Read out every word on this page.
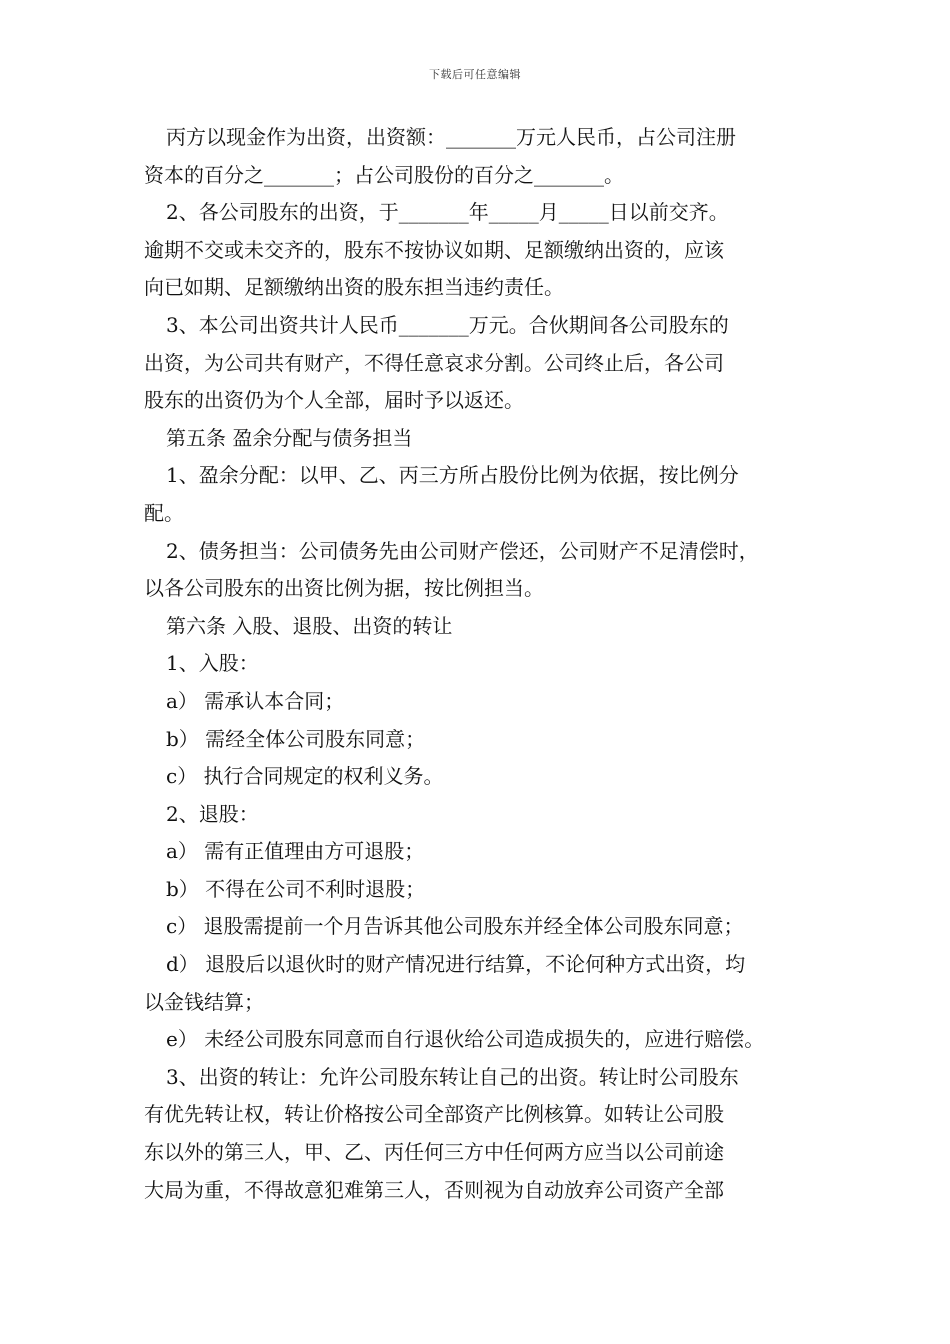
下载后可任意编辑
丙方以现金作为出资，出资额：_______万元人民币，占公司注册
资本的百分之_______；占公司股份的百分之_______。
2、各公司股东的出资，于_______年_____月_____日以前交齐。
逾期不交或未交齐的，股东不按协议如期、足额缴纳出资的，应该
向已如期、足额缴纳出资的股东担当违约责任。
3、本公司出资共计人民币_______万元。合伙期间各公司股东的
出资，为公司共有财产，不得任意哀求分割。公司终止后，各公司
股东的出资仍为个人全部，届时予以返还。
第五条 盈余分配与债务担当
1、盈余分配：以甲、乙、丙三方所占股份比例为依据，按比例分
配。
2、债务担当：公司债务先由公司财产偿还，公司财产不足清偿时，
以各公司股东的出资比例为据，按比例担当。
第六条 入股、退股、出资的转让
1、入股：
a） 需承认本合同；
b） 需经全体公司股东同意；
c） 执行合同规定的权利义务。
2、退股：
a） 需有正值理由方可退股；
b） 不得在公司不利时退股；
c） 退股需提前一个月告诉其他公司股东并经全体公司股东同意；
d） 退股后以退伙时的财产情况进行结算，不论何种方式出资，均
以金钱结算；
e） 未经公司股东同意而自行退伙给公司造成损失的，应进行赔偿。
3、出资的转让：允许公司股东转让自己的出资。转让时公司股东
有优先转让权，转让价格按公司全部资产比例核算。如转让公司股
东以外的第三人，甲、乙、丙任何三方中任何两方应当以公司前途
大局为重，不得故意犯难第三人，否则视为自动放弃公司资产全部
